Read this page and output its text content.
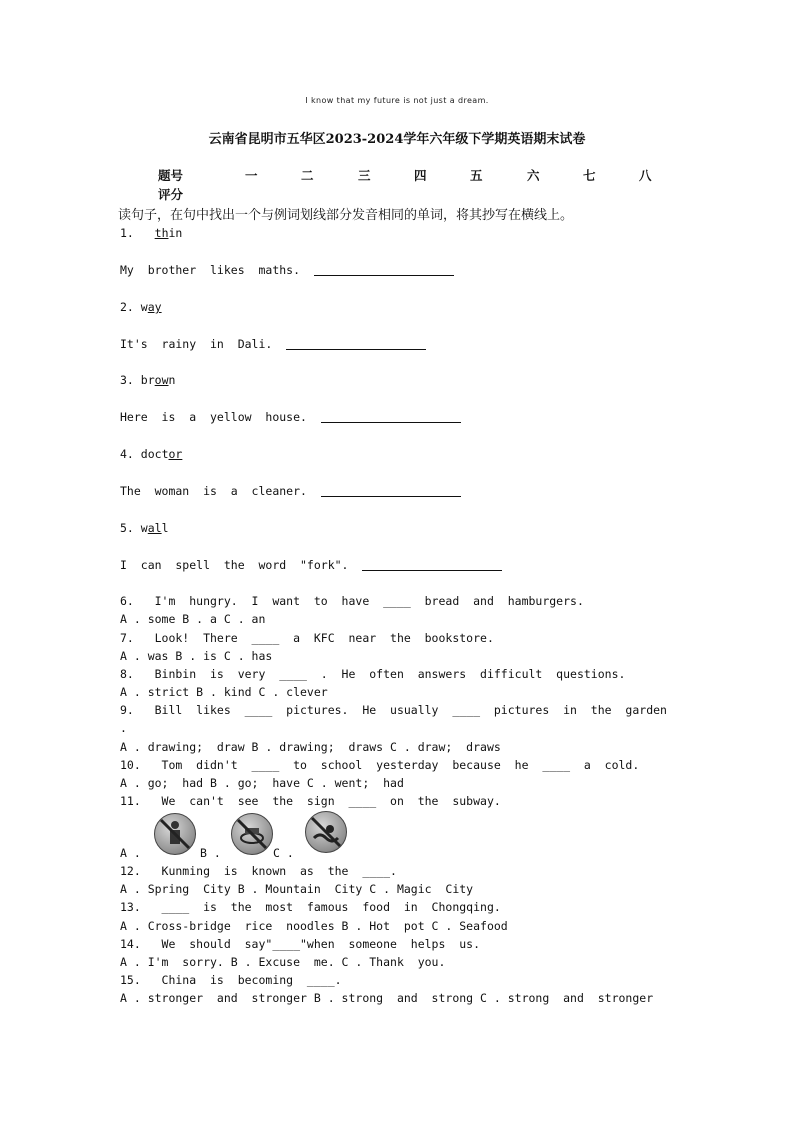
I know that my future is not just a dream.
云南省昆明市五华区2023-2024学年六年级下学期英语期末试卷
题号	一	二	三	四	五	六	七	八
评分
读句子，在句中找出一个与例词划线部分发音相同的单词，将其抄写在横线上。
1. thin
My  brother  likes  maths.
2. way
It's  rainy  in  Dali.
3. brown
Here  is  a  yellow  house.
4. doctor
The  woman  is  a  cleaner.
5. wall
I  can  spell  the  word  "fork".
6.   I'm  hungry.  I  want  to  have  ____  bread  and  hamburgers.
A . some B . a C . an
7.   Look!  There  ____  a  KFC  near  the  bookstore.
A . was B . is C . has
8.   Binbin  is  very  ____  .  He  often  answers  difficult  questions.
A . strict B . kind C . clever
9.   Bill  likes  ____  pictures.  He  usually  ____  pictures  in  the  garden
.
A . drawing;  draw B . drawing;  draws C . draw;  draws
10.   Tom  didn't  ____  to  school  yesterday  because  he  ____  a  cold.
A . go;  had B . go;  have C . went;  had
11.   We  can't  see  the  sign  ____  on  the  subway.
A .	B .	C .
12.   Kunming  is  known  as  the  ____.
A . Spring  City B . Mountain  City C . Magic  City
13.   ____  is  the  most  famous  food  in  Chongqing.
A . Cross-bridge  rice  noodles B . Hot  pot C . Seafood
14.   We  should  say"____"when  someone  helps  us.
A . I'm  sorry. B . Excuse  me. C . Thank  you.
15.   China  is  becoming  ____.
A . stronger  and  stronger B . strong  and  strong C . strong  and  stronger
